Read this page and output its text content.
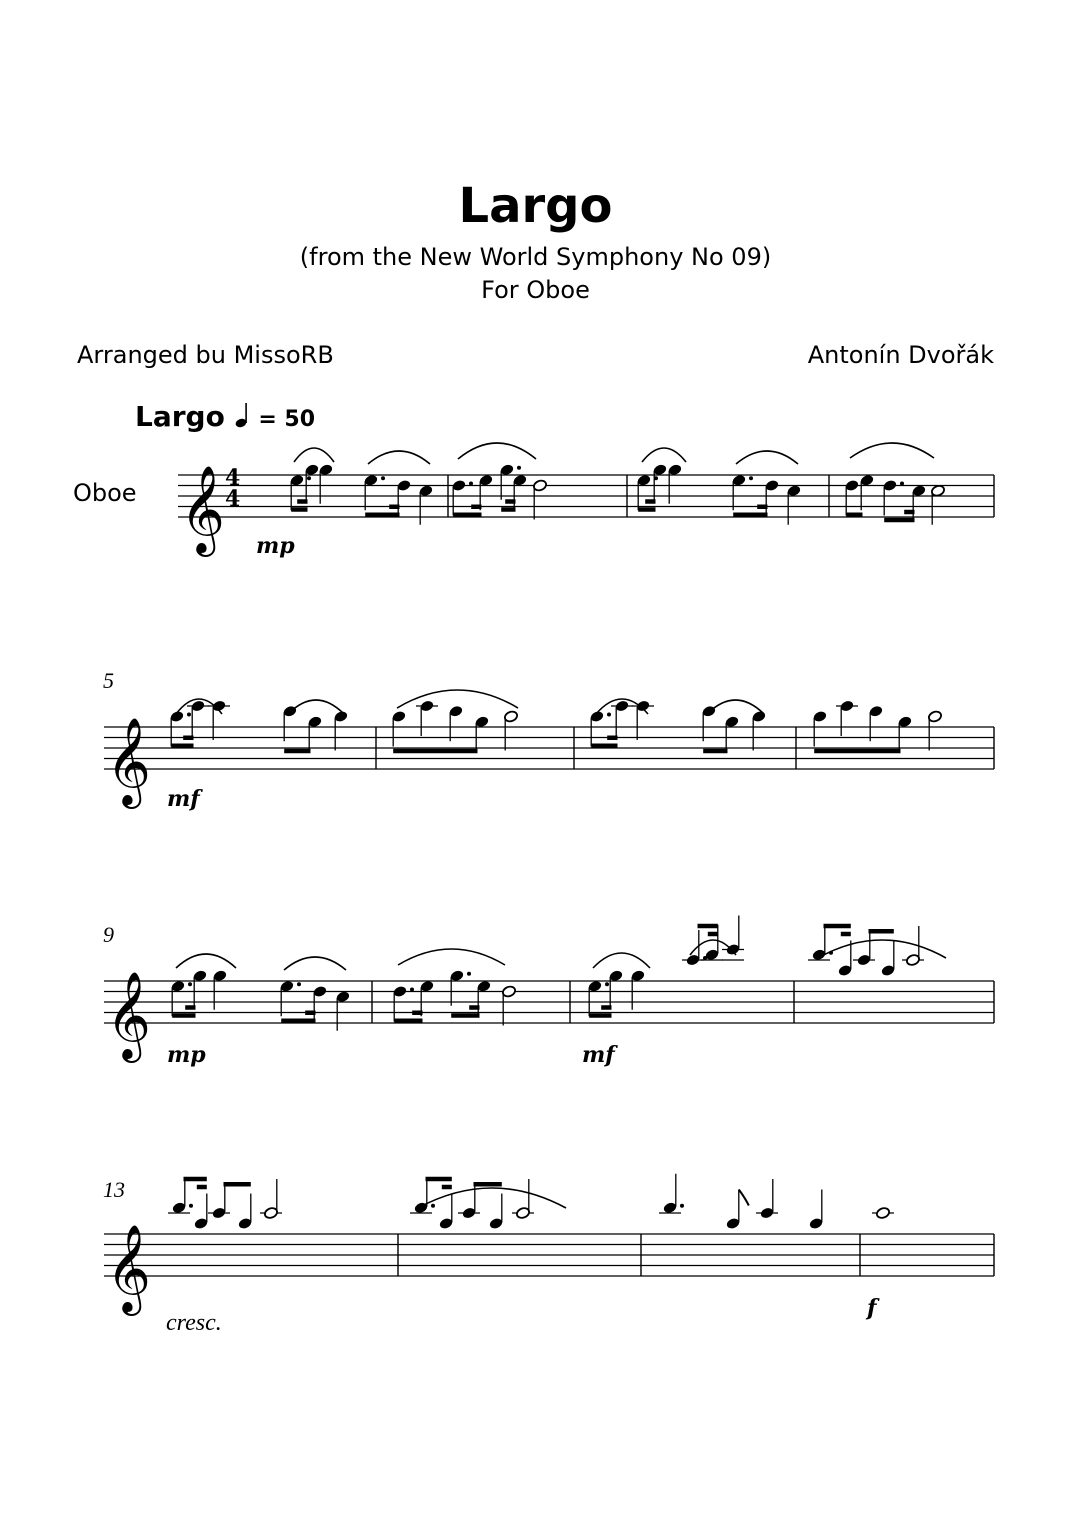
Largo
(from the New World Symphony No 09)
For Oboe
Arranged bu MissoRB	Antonín Dvořák
Largo = 50
Oboe 𝄞
𝄞
𝄞
𝄞
5
9
13
mp
mf
mp	mf
f
cresc.
4
4
